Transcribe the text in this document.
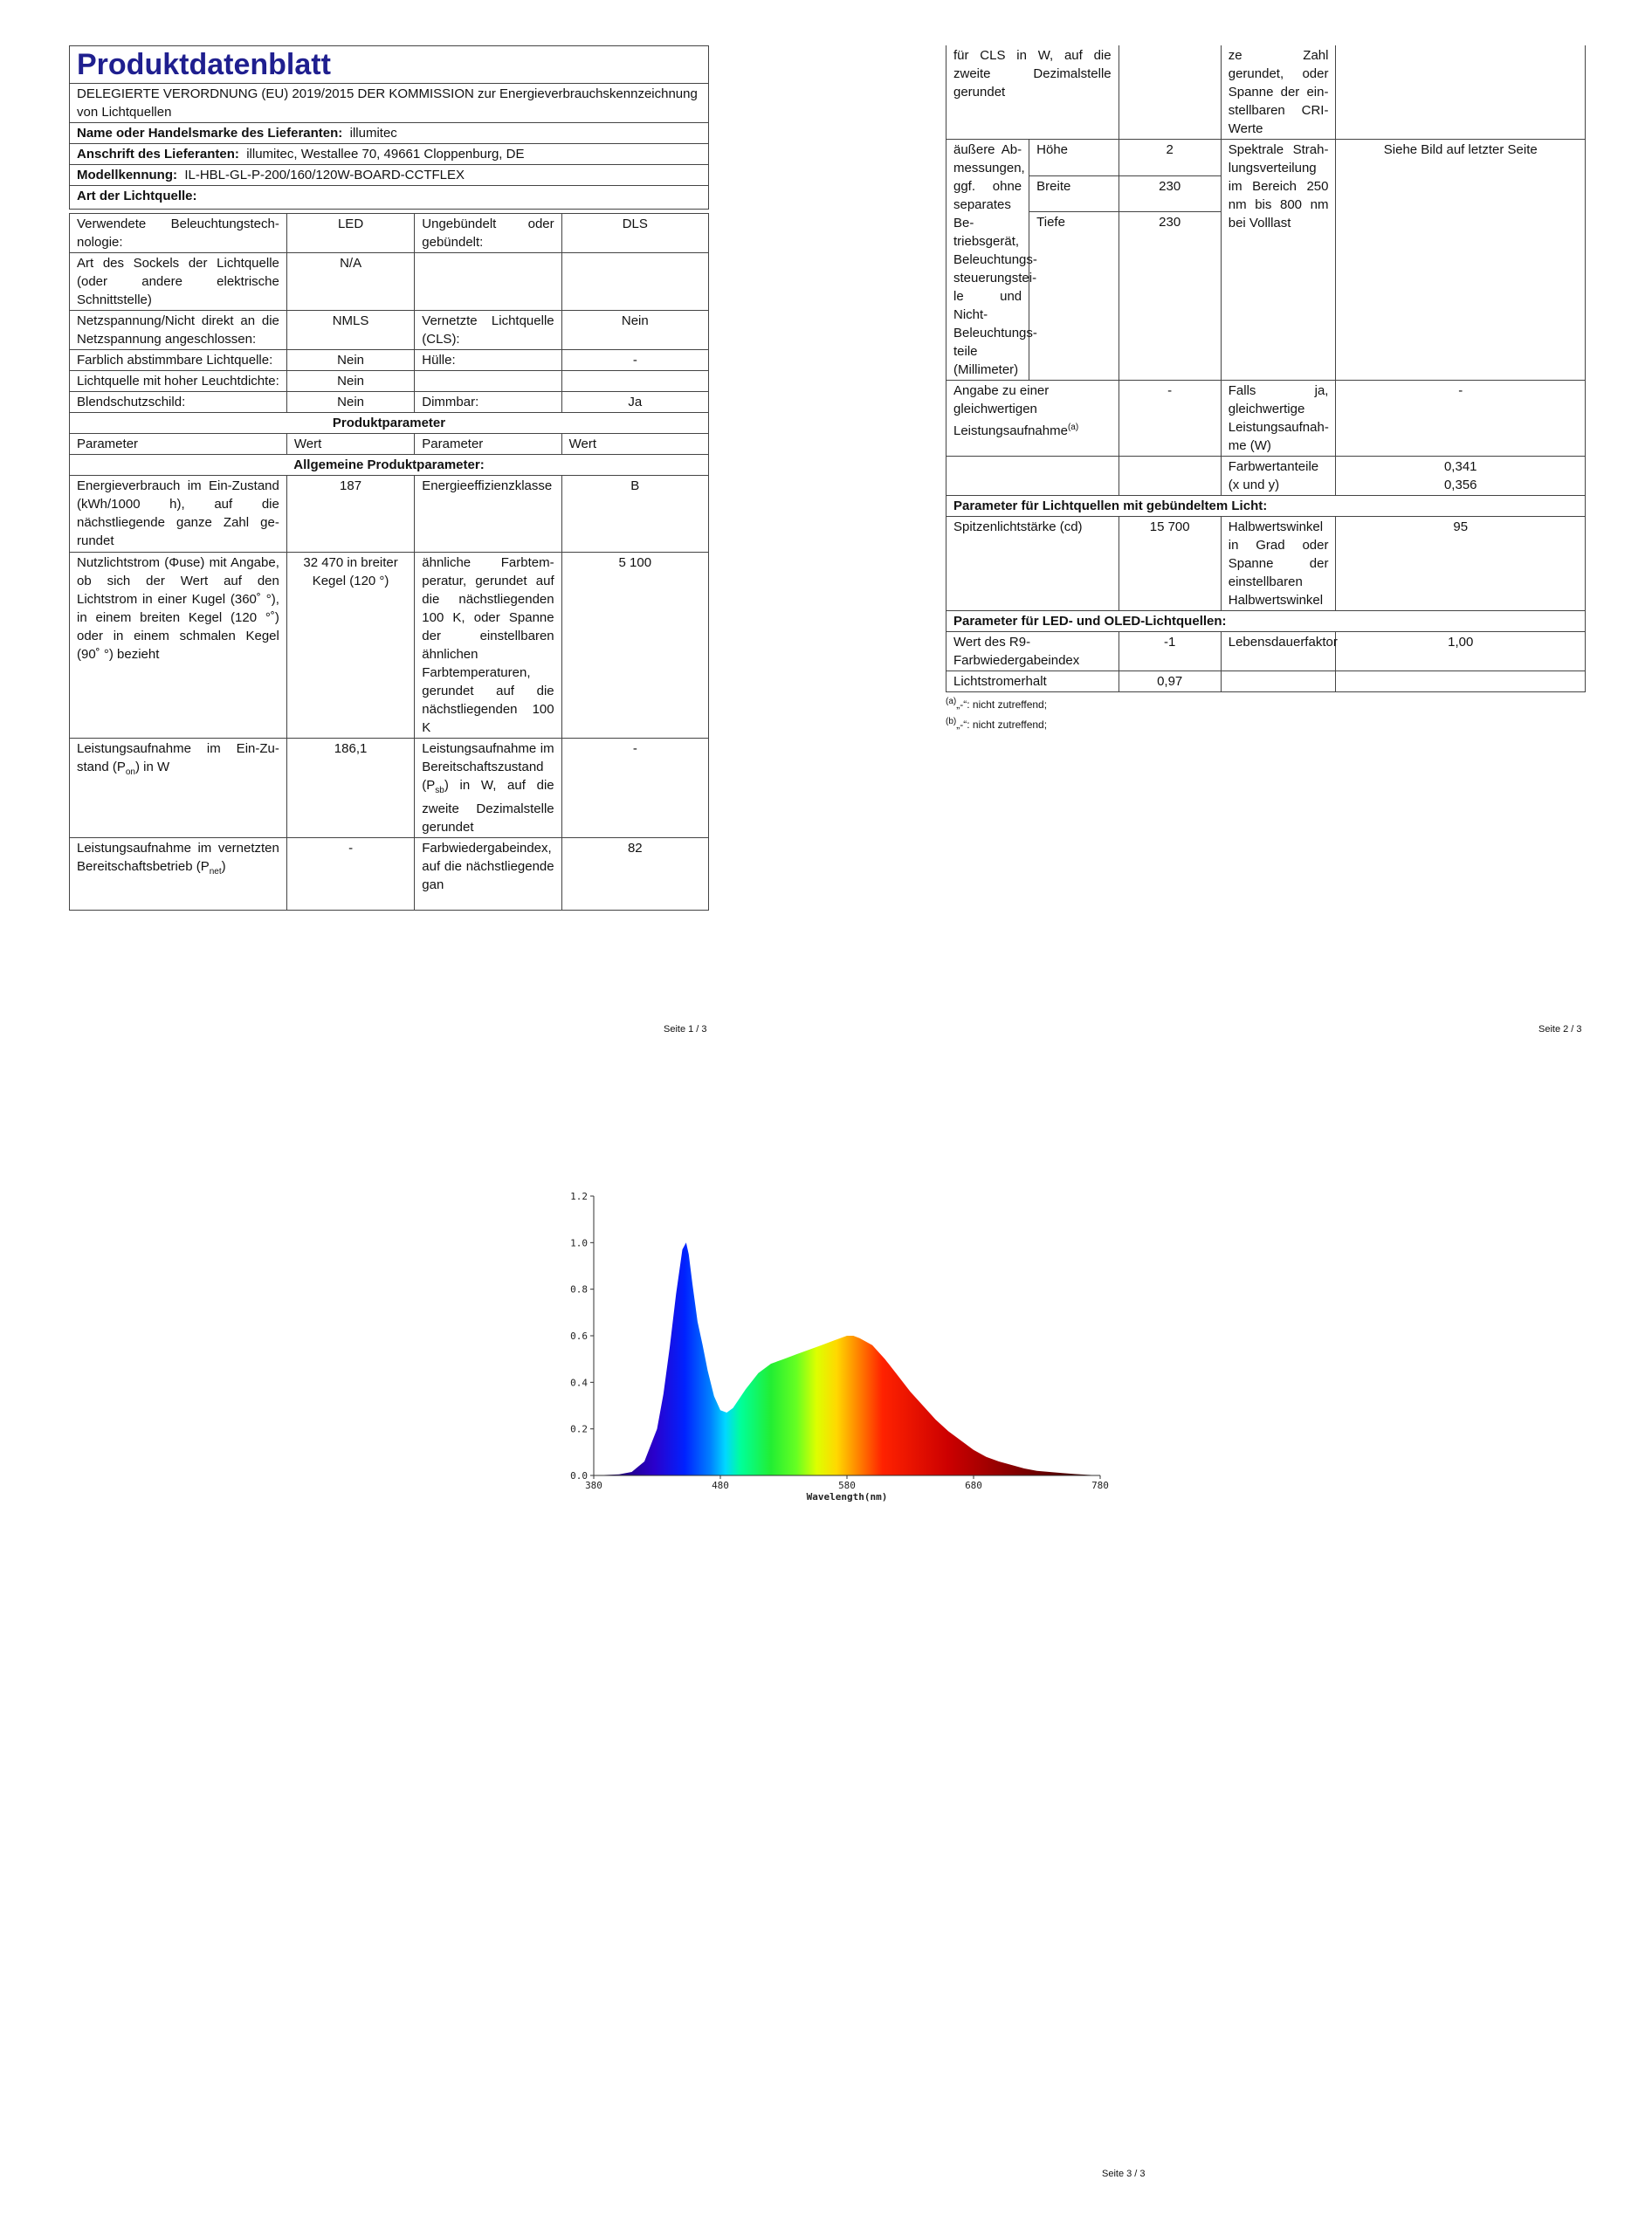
Produktdatenblatt

DELEGIERTE VERORDNUNG (EU) 2019/2015 DER KOMMISSION zur Energieverbrauchskennzeichnung von Lichtquellen
Name oder Handelsmarke des Lieferanten: illumitec
Anschrift des Lieferanten: illumitec, Westallee 70, 49661 Cloppenburg, DE
Modellkennung: IL-HBL-GL-P-200/160/120W-BOARD-CCTFLEX
Art der Lichtquelle:
Verwendete Beleuchtungstechnologie:	LED	Ungebündelt oder gebündelt:	DLS
Art des Sockels der Lichtquelle (oder andere elektrische Schnittstelle)	N/A		
Netzspannung/Nicht direkt an die Netzspannung angeschlossen:	NMLS	Vernetzte Lichtquelle (CLS):	Nein
Farblich abstimmbare Lichtquelle:	Nein	Hülle:	-
Lichtquelle mit hoher Leuchtdichte:	Nein		
Blendschutzschild:	Nein	Dimmbar:	Ja
Produktparameter			
Parameter	Wert	Parameter	Wert
Allgemeine Produktparameter:			
Energieverbrauch im Ein-Zustand (kWh/1000 h), auf die nächstliegende ganze Zahl gerundet	187	Energieeffizienzklasse	B
Nutzlichtstrom (Φuse) mit Angabe, ob sich der Wert auf den Lichtstrom in einer Kugel (360˚ °), in einem breiten Kegel (120 °˚) oder in einem schmalen Kegel (90˚ °) bezieht	32 470 in breiter Kegel (120 °)	ähnliche Farbtemperatur, gerundet auf die nächstliegenden 100 K, oder Spanne der einstellbaren ähnlichen Farbtemperaturen, gerundet auf die nächstliegenden 100 K	5 100
Leistungsaufnahme im Ein-Zustand $(P_{on})$ in W	186,1	Leistungsaufnahme im Bereitschaftszustand $(P_{sb})$ in W, auf die zweite Dezimalstelle gerundet	-
Leistungsaufnahme im vernetzten Bereitschaftsbetrieb $(P_{net})$	-	Farbwiedergabeindex, auf die nächstliegende gan	82
Seite 1 / 3
für CLS in W, auf die zweite Dezimalstelle gerundet			ze Zahl gerundet, oder Spanne der einstellbaren CRI-Werte	
äußere Abmessungen, ggf. ohne separates Betriebsgerät, Beleuchtungssteuerungsteile und Nicht-Beleuchtungsteile (Millimeter)	Höhe	2	Spektrale Strahlungsverteilung im Bereich 250 nm bis 800 nm bei Volllast	Siehe Bild auf letzter Seite
	Breite	230		
	Tiefe	230		
Angabe zu einer gleichwertigen Leistungsaufnahme$^{(a)}$		-	Falls ja, gleichwertige Leistungsaufnahme (W)	-
			Farbwertanteile (x und y)	0,341
0,356

Parameter für Lichtquellen mit gebündeltem Licht:				
Spitzenlichtstärke (cd)		15 700	Halbwertswinkel in Grad oder Spanne der einstellbaren Halbwertswinkel	95
Parameter für LED- und OLED-Lichtquellen:				
Wert des R9-Farbwiedergabeindex		-1	Lebensdauerfaktor	1,00
Lichtstromerhalt		0,97		
$^{(a)}$„-“: nicht zutreffend;
$^{(b)}$„-“: nicht zutreffend;
Seite 2 / 3
0.0
0.2
0.4
0.6
0.8
1.0
1.2
380	480	580	680	780
Wavelength(nm)
Seite 3 / 3
